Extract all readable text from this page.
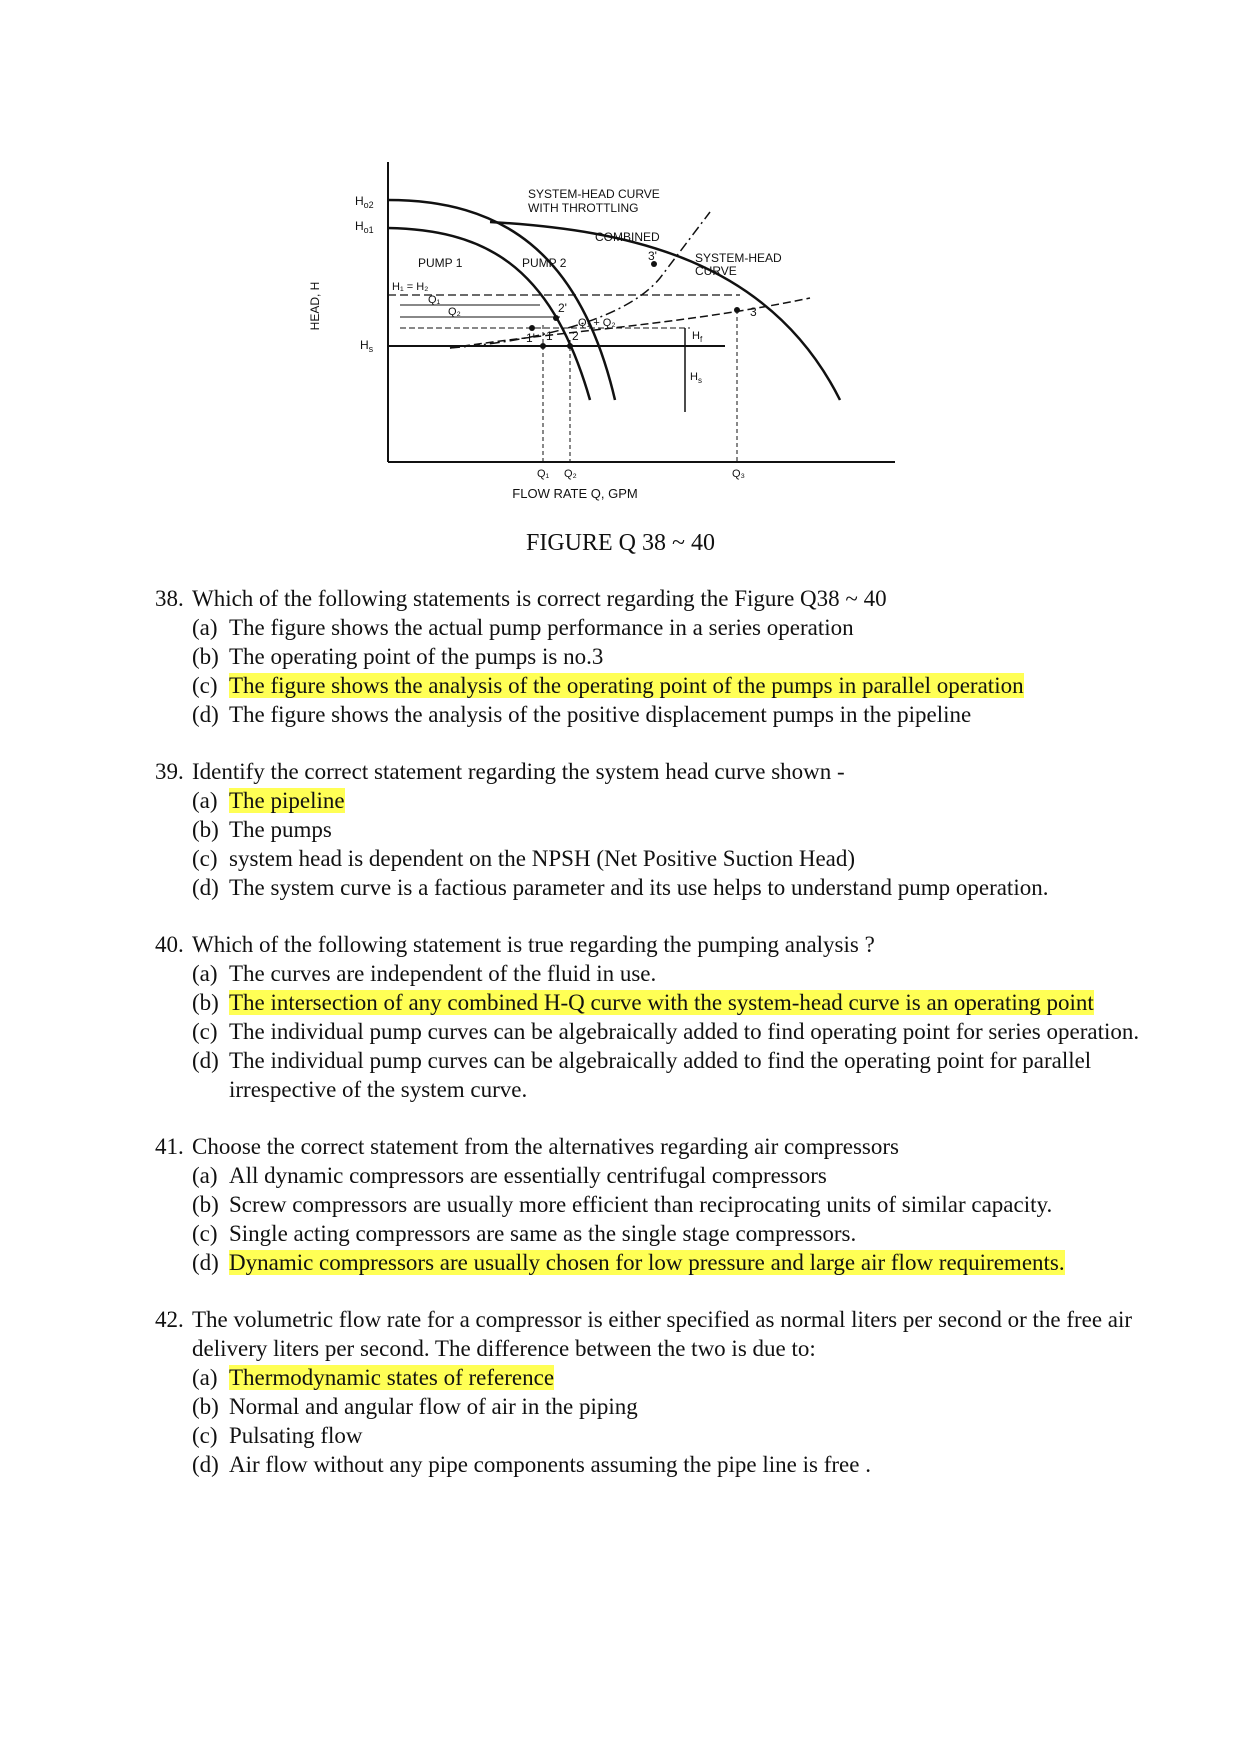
HEAD, H
$H_{o2}$
$H_{o1}$
$H_s$
H₁ = H₂
Q₁
Q₂
Q₁ + Q₂
$H_f$
$H_s$
PUMP 1	PUMP 2
COMBINED
SYSTEM-HEAD CURVE
WITH THROTTLING
SYSTEM-HEAD
CURVE
1' 1
2'
2
3'
3
Q₁ Q₂	Q₃
FLOW RATE Q, GPM
FIGURE Q 38 ~ 40
38. Which of the following statements is correct regarding the Figure Q38 ~ 40
(a) The figure shows the actual pump performance in a series operation
(b) The operating point of the pumps is no.3
(c) The figure shows the analysis of the operating point of the pumps in parallel operation
(d) The figure shows the analysis of the positive displacement pumps in the pipeline
39. Identify the correct statement regarding the system head curve shown -
(a) The pipeline
(b) The pumps
(c) system head is dependent on the NPSH (Net Positive Suction Head)
(d) The system curve is a factious parameter and its use helps to understand pump operation.
40. Which of the following statement is true regarding the pumping analysis ?
(a) The curves are independent of the fluid in use.
(b) The intersection of any combined H-Q curve with the system-head curve is an operating point
(c) The individual pump curves can be algebraically added to find operating point for series operation.
(d) The individual pump curves can be algebraically added to find the operating point for parallel irrespective of the system curve.
41. Choose the correct statement from the alternatives regarding air compressors
(a) All dynamic compressors are essentially centrifugal compressors
(b) Screw compressors are usually more efficient than reciprocating units of similar capacity.
(c) Single acting compressors are same as the single stage compressors.
(d) Dynamic compressors are usually chosen for low pressure and large air flow requirements.
42. The volumetric flow rate for a compressor is either specified as normal liters per second or the free air delivery liters per second. The difference between the two is due to:
(a) Thermodynamic states of reference
(b) Normal and angular flow of air in the piping
(c) Pulsating flow
(d) Air flow without any pipe components assuming the pipe line is free .
